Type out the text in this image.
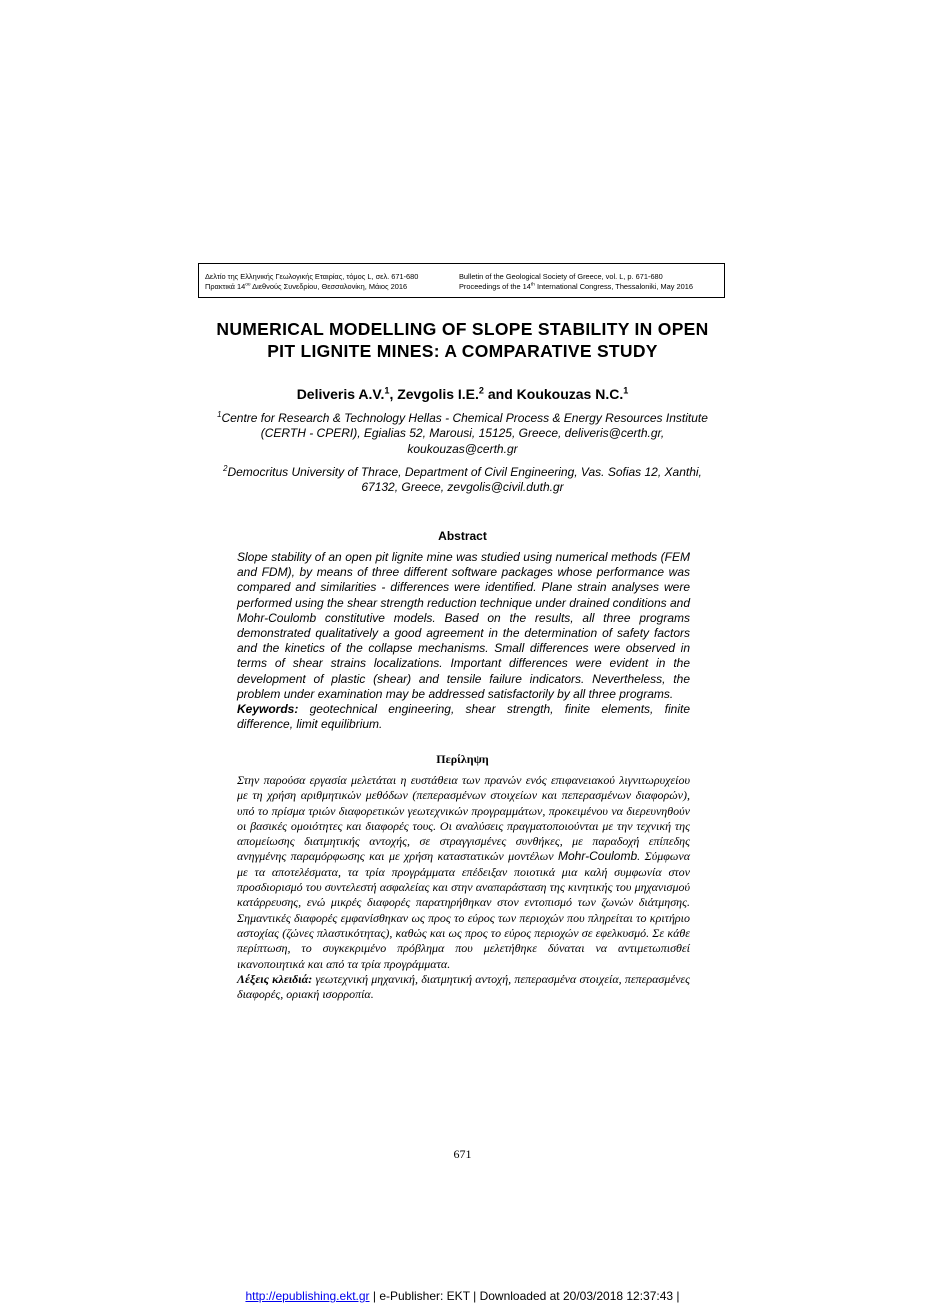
Δελτίο της Ελληνικής Γεωλογικής Εταιρίας, τόμος L, σελ. 671-680
Πρακτικά $14^{o\upsilon}$ Διεθνούς Συνεδρίου, Θεσσαλονίκη, Μάιος 2016
Bulletin of the Geological Society of Greece, vol. L, p. 671-680
Proceedings of the 14th International Congress, Thessaloniki, May 2016
NUMERICAL MODELLING OF SLOPE STABILITY IN OPEN
PIT LIGNITE MINES: A COMPARATIVE STUDY
Deliveris A.V.$^1$, Zevgolis I.E.$^2$ and Koukouzas N.C.$^1$
$^1$Centre for Research & Technology Hellas - Chemical Process & Energy Resources Institute (CERTH - CPERI), Egialias 52, Marousi, 15125, Greece, deliveris@certh.gr, koukouzas@certh.gr
$^2$Democritus University of Thrace, Department of Civil Engineering, Vas. Sofias 12, Xanthi, 67132, Greece, zevgolis@civil.duth.gr
Abstract
Slope stability of an open pit lignite mine was studied using numerical methods (FEM and FDM), by means of three different software packages whose performance was compared and similarities - differences were identified. Plane strain analyses were performed using the shear strength reduction technique under drained conditions and Mohr-Coulomb constitutive models. Based on the results, all three programs demonstrated qualitatively a good agreement in the determination of safety factors and the kinetics of the collapse mechanisms. Small differences were observed in terms of shear strains localizations. Important differences were evident in the development of plastic (shear) and tensile failure indicators. Nevertheless, the problem under examination may be addressed satisfactorily by all three programs.
Keywords: geotechnical engineering, shear strength, finite elements, finite difference, limit equilibrium.
Περίληψη
Στην παρούσα εργασία μελετάται η ευστάθεια των πρανών ενός επιφανειακού λιγνιτωρυχείου με τη χρήση αριθμητικών μεθόδων (πεπερασμένων στοιχείων και πεπερασμένων διαφορών), υπό το πρίσμα τριών διαφορετικών γεωτεχνικών προγραμμάτων, προκειμένου να διερευνηθούν οι βασικές ομοιότητες και διαφορές τους. Οι αναλύσεις πραγματοποιούνται με την τεχνική της απομείωσης διατμητικής αντοχής, σε στραγγισμένες συνθήκες, με παραδοχή επίπεδης ανηγμένης παραμόρφωσης και με χρήση καταστατικών μοντέλων Mohr-Coulomb. Σύμφωνα με τα αποτελέσματα, τα τρία προγράμματα επέδειξαν ποιοτικά μια καλή συμφωνία στον προσδιορισμό του συντελεστή ασφαλείας και στην αναπαράσταση της κινητικής του μηχανισμού κατάρρευσης, ενώ μικρές διαφορές παρατηρήθηκαν στον εντοπισμό των ζωνών διάτμησης. Σημαντικές διαφορές εμφανίσθηκαν ως προς το εύρος των περιοχών που πληρείται το κριτήριο αστοχίας (ζώνες πλαστικότητας), καθώς και ως προς το εύρος περιοχών σε εφελκυσμό. Σε κάθε περίπτωση, το συγκεκριμένο πρόβλημα που μελετήθηκε δύναται να αντιμετωπισθεί ικανοποιητικά και από τα τρία προγράμματα.
Λέξεις κλειδιά: γεωτεχνική μηχανική, διατμητική αντοχή, πεπερασμένα στοιχεία, πεπερασμένες διαφορές, οριακή ισορροπία.
671
http://epublishing.ekt.gr | e-Publisher: EKT | Downloaded at 20/03/2018 12:37:43 |
